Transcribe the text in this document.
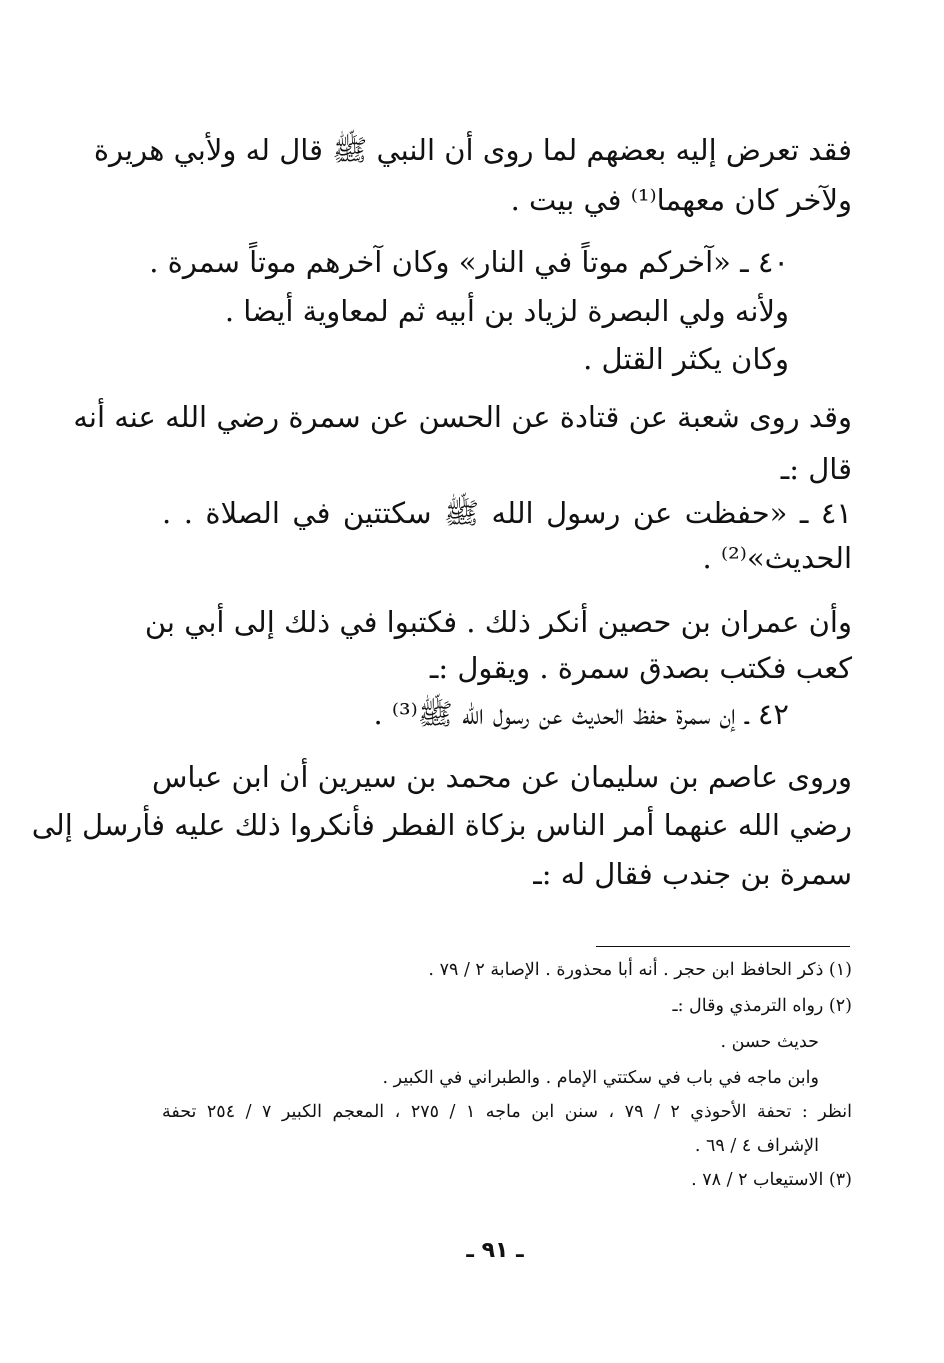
فقد تعرض إليه بعضهم لما روى أن النبي ﷺ قال له ولأبي هريرة
ولآخر كان معهما⁽¹⁾ في بيت .
٤٠ ـ «آخركم موتاً في النار» وكان آخرهم موتاً سمرة .
ولأنه ولي البصرة لزياد بن أبيه ثم لمعاوية أيضا .
وكان يكثر القتل .
وقد روى شعبة عن قتادة عن الحسن عن سمرة رضي الله عنه أنه
قال :ـ
٤١ ـ «حفظت عن رسول الله ﷺ سكتتين في الصلاة . .
الحديث»⁽²⁾ .
وأن عمران بن حصين أنكر ذلك . فكتبوا في ذلك إلى أبي بن
كعب فكتب بصدق سمرة . ويقول :ـ
٤٢ ـ إن سمرة حفظ الحديث عن رسول الله ﷺ⁽³⁾ .
وروى عاصم بن سليمان عن محمد بن سيرين أن ابن عباس
رضي الله عنهما أمر الناس بزكاة الفطر فأنكروا ذلك عليه فأرسل إلى
سمرة بن جندب فقال له :ـ
(١) ذكر الحافظ ابن حجر . أنه أبا محذورة . الإصابة ٢ / ٧٩ .
(٢) رواه الترمذي وقال :ـ
حديث حسن .
وابن ماجه في باب في سكتتي الإمام . والطبراني في الكبير .
انظر : تحفة الأحوذي ٢ / ٧٩ ، سنن ابن ماجه ١ / ٢٧٥ ، المعجم الكبير ٧ / ٢٥٤ تحفة
الإشراف ٤ / ٦٩ .
(٣) الاستيعاب ٢ / ٧٨ .
ـ ٩١ ـ
